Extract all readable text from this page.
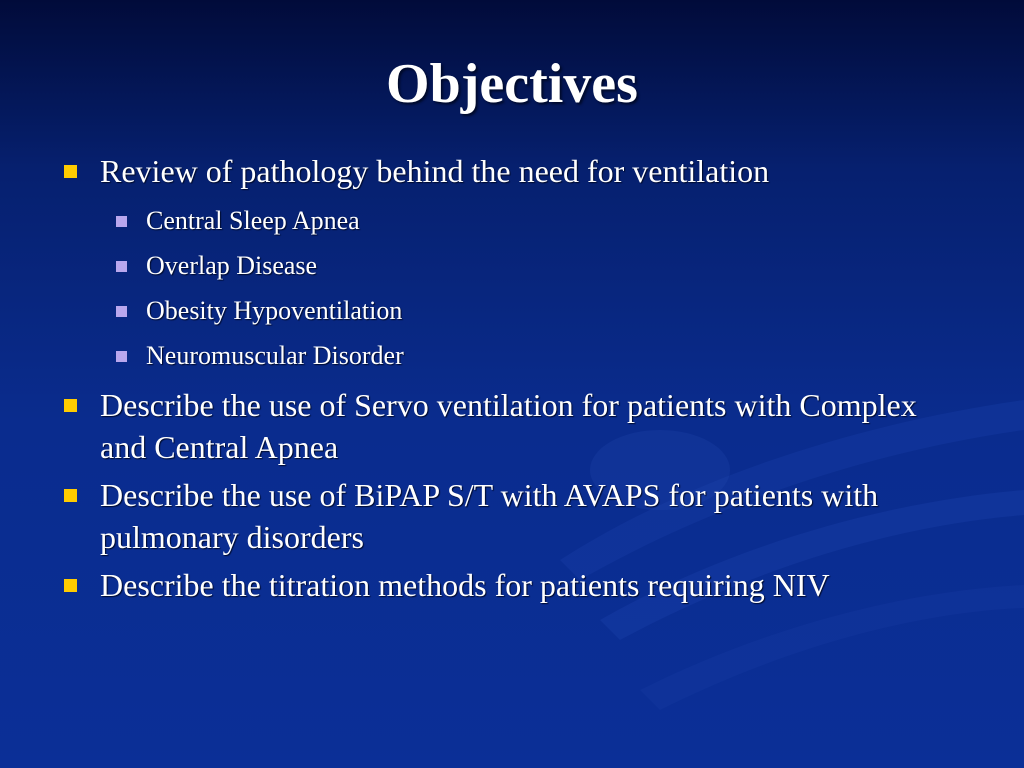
Objectives
Review of pathology behind the need for ventilation
Central Sleep Apnea
Overlap Disease
Obesity Hypoventilation
Neuromuscular Disorder
Describe the use of Servo ventilation for patients with Complex and Central Apnea
Describe the use of BiPAP S/T with AVAPS for patients with pulmonary disorders
Describe the titration methods for patients requiring NIV
